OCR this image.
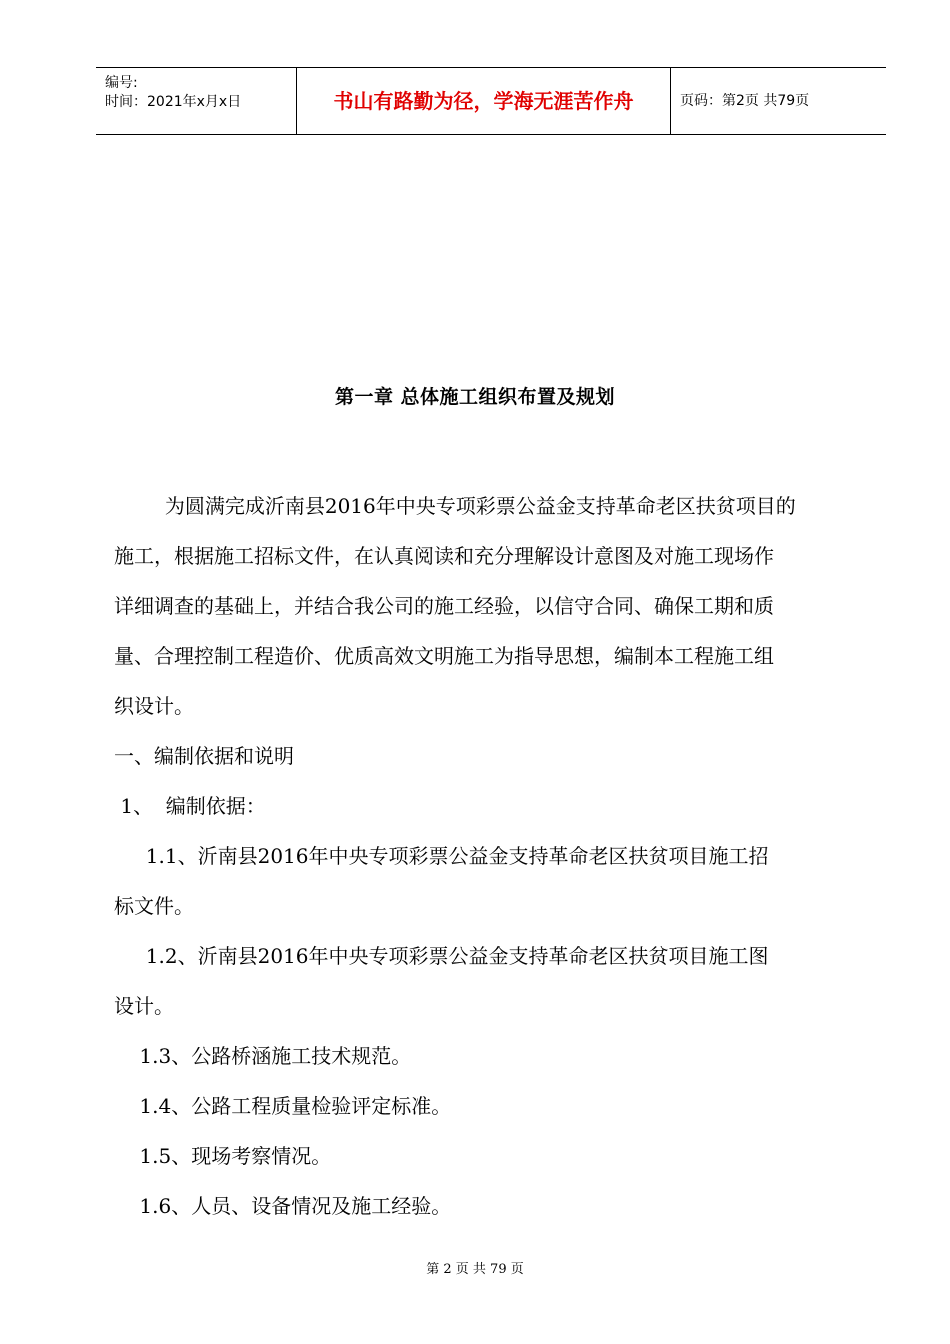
编号:
时间：2021年x月x日	书山有路勤为径，学海无涯苦作舟	页码：第2页 共79页
第一章 总体施工组织布置及规划
为圆满完成沂南县2016年中央专项彩票公益金支持革命老区扶贫项目的
施工，根据施工招标文件，在认真阅读和充分理解设计意图及对施工现场作
详细调查的基础上，并结合我公司的施工经验，以信守合同、确保工期和质
量、合理控制工程造价、优质高效文明施工为指导思想，编制本工程施工组
织设计。
一、编制依据和说明
1、  编制依据：
1.1、沂南县2016年中央专项彩票公益金支持革命老区扶贫项目施工招
标文件。
1.2、沂南县2016年中央专项彩票公益金支持革命老区扶贫项目施工图
设计。
1.3、公路桥涵施工技术规范。
1.4、公路工程质量检验评定标准。
1.5、现场考察情况。
1.6、人员、设备情况及施工经验。
第 2 页 共 79 页
